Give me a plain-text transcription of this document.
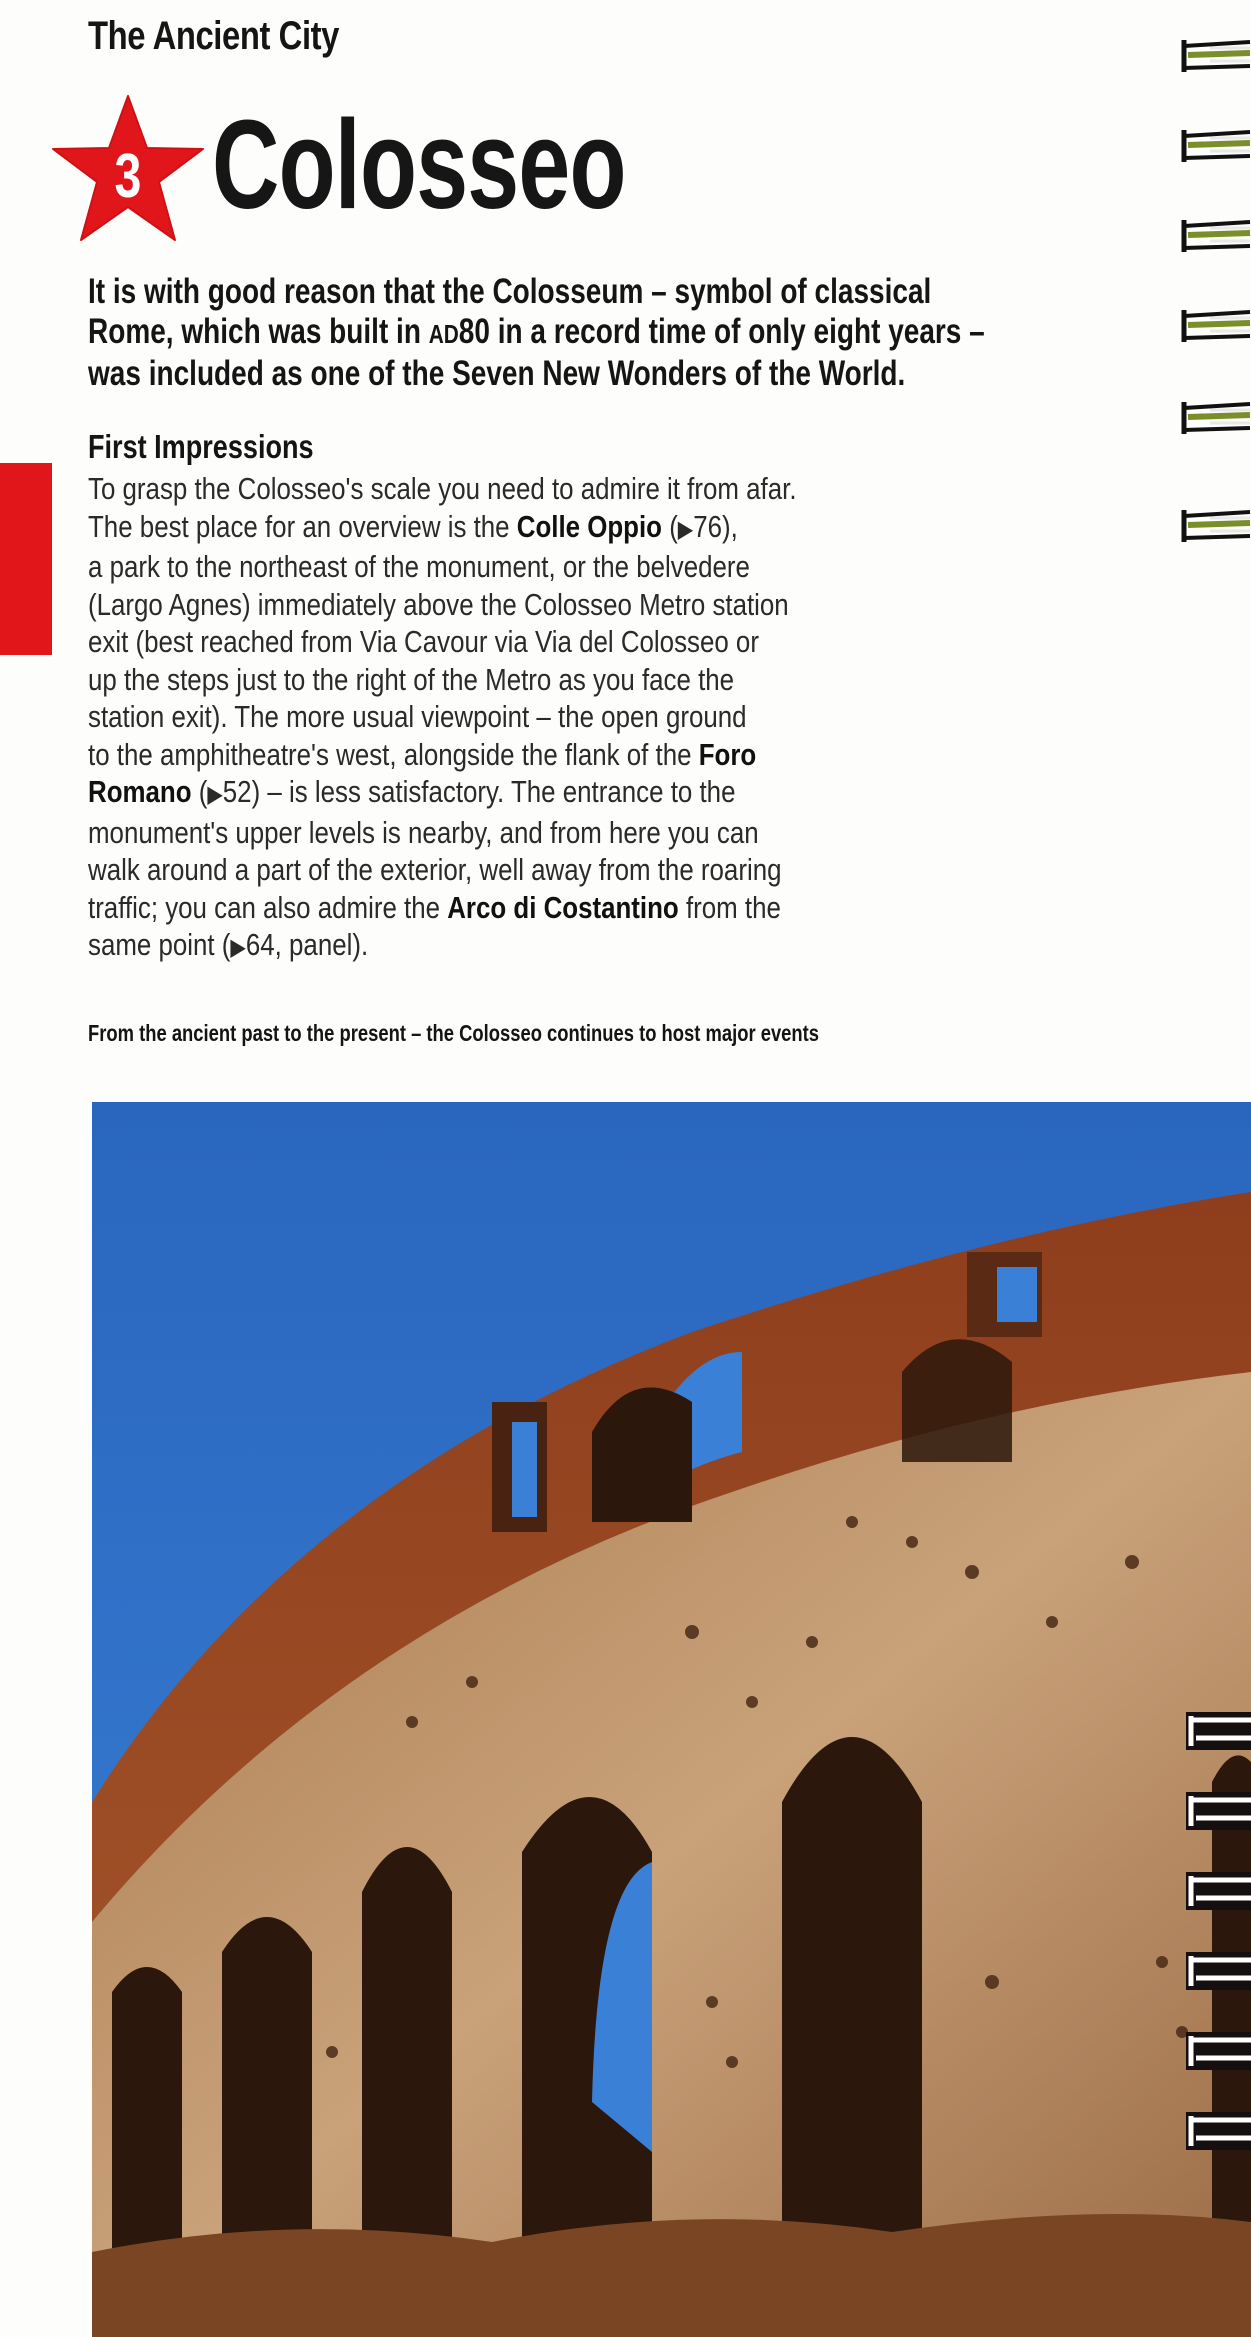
The Ancient City
3 Colosseo
It is with good reason that the Colosseum – symbol of classical
Rome, which was built in AD80 in a record time of only eight years –
was included as one of the Seven New Wonders of the World.
First Impressions
To grasp the Colosseo's scale you need to admire it from afar.
The best place for an overview is the Colle Oppio (▶76),
a park to the northeast of the monument, or the belvedere
(Largo Agnes) immediately above the Colosseo Metro station
exit (best reached from Via Cavour via Via del Colosseo or
up the steps just to the right of the Metro as you face the
station exit). The more usual viewpoint – the open ground
to the amphitheatre's west, alongside the flank of the Foro
Romano (▶52) – is less satisfactory. The entrance to the
monument's upper levels is nearby, and from here you can
walk around a part of the exterior, well away from the roaring
traffic; you can also admire the Arco di Costantino from the
same point (▶64, panel).
From the ancient past to the present – the Colosseo continues to host major events
